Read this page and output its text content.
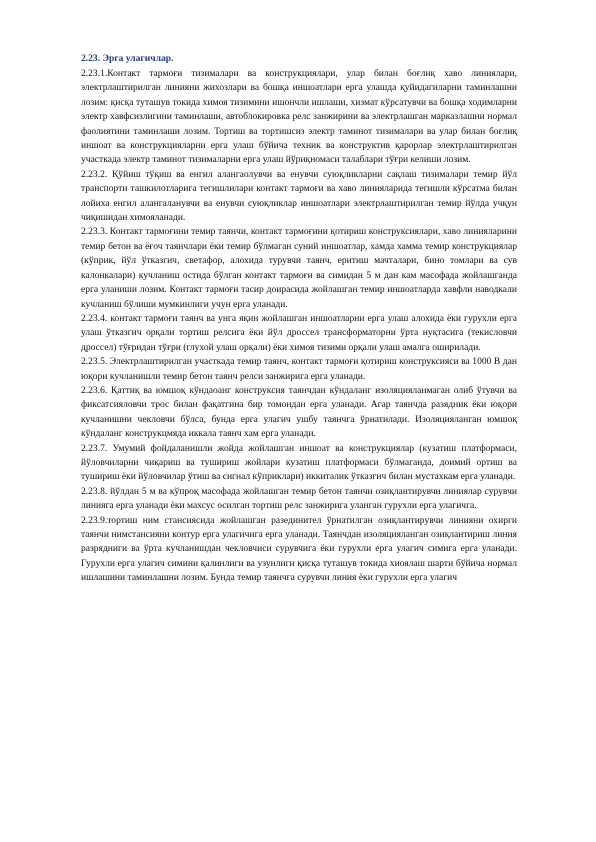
2.23. Эрга улагичлар.

2.23.1.Контакт тармоғи тизималари ва конструкциялари, улар билан боғлиқ хаво линиялари, электрлаштирилган линияни жихозлари ва бошқа иншоатлари ерга улашда қуйидагиларни таминлашни лозим: қисқа туташув токида химоя тизимини ишончли ишлаши, хизмат кўрсатувчи ва бошқа ходимларни электр хавфсизлигини таминлаши, автоблокировка релс занжирини ва электрлашган марказлашни нормал фаолиятини таминлаши лозим. Тортиш ва тортишсиз электр таминот тизималари ва улар билан боғлиқ иншоат ва конструкцияларни ерга улаш бўйича техник ва конструктив қарорлар электрлаштирилган участкада электр таминот тизималарни ерга улаш йўриқномаси талаблари тўғри келиши лозим.

2.23.2. Қўйиш тўқиш ва енгил алангаолувчи ва енувчи суюқликларни сақлаш тизималари темир йўл транспорти ташкилотларига тегишлилари контакт тармоғи ва хаво линияларида тегишли кўрсатма билан лойиха енгил алангаланувчи ва енувчи суюқликлар иншоатлари электрлаштирилган темир йўлда учқун чиқишидан химояланади.

2.23.3. Контакт тармоғини темир таянчи, контакт тармоғини қотириш конструксиялари, хаво линияларини темир бетон ва ёғоч таянчлари ёки темир бўлмаган суний иншоатлар, хамда хамма темир конструкциялар (кўприк, йўл ўтказгич, светафор, алохида турувчи таянч, еритиш мачталари, бино томлари ва сув калонкалари) кучланиш остида бўлган контакт тармоғи ва симидан 5 м дан кам масофада жойлашганда ерга уланиши лозим. Контакт тармоғи тасир доирасида жойлашган темир иншоатларда хавфли наводкали кучланиш бўлиши мумкинлиги учун ерга уланади.

2.23.4. контакт тармоғи таянч ва унга яқин жойлашган иншоатларни ерга улаш алохида ёки гурухли ерга улаш ўтказгич орқали тортиш релсига ёки йўл дроссел трансформаторни ўрта нуқтасига (текисловчи дроссел) тўғридан тўғри (глухой улаш орқали) ёки химоя тизими орқали улаш амалга оширилади.

2.23.5. Электрлаштирилган участкада темир таянч, контакт тармоғи қотириш конструксияси ва 1000 В дан юқори кучланишли темир бетон таянч релси занжирига ерга уланади.

2.23.6. Қаттиқ ва юмшоқ кўндаоанг конструксия таянчдан кўндаланг изоляцияланмаган олиб ўтувчи ва фиксатсияловчи трос билан фақатгина бир томондан ерга уланади. Агар таянчда разядник ёки юқори кучланишни чекловчи бўлса, бунда ерга улагич ушбу таянчга ўрнатилади. Изоляцияланган юмшоқ кўндаланг конструкцмяда иккала таянч хам ерга уланади.

2.23.7. Умумий фойдаланишли жойда жойлашган иншоат ва конструкциялар (кузатиш платформаси, йўловчиларни чиқариш ва тушириш жойлари кузатиш платформаси бўлмаганда, доимий ортиш ва тушириш ёки йўловчилар ўтиш ва сигнал кўприклари) иккиталик ўтказгич билан мустахкам ерга уланади.

2.23.8. йўлдан 5 м ва кўпроқ масофада жойлашган темир бетон таянчи озиқлантирувчи линиялар сурувчи линияга ерга уланади ёки махсус осилган тортиш релс занжирига уланган гурухли ерга улагичга.

2.23.9.тортиш ним стансиясида жойлашган разединител ўрнатилган озиқлантирувчи линияни охирги таянчи нимстансияни контур ерга улагичига ерга уланади. Таянчдан изоляцияланган озиқлантириш линия разрядниги ва ўрта кучланишдан чекловчиси сурувчига ёки гурухли ерга улагич симига ерга уланади. Гурухли ерга улагич симини қалинлиги ва узунлиги қисқа туташув токида хиоялаш шарти бўйича нормал ишлашини таминлашни лозим. Бунда темир таянчга сурувчи линия ёки гурухли ерга улагич
